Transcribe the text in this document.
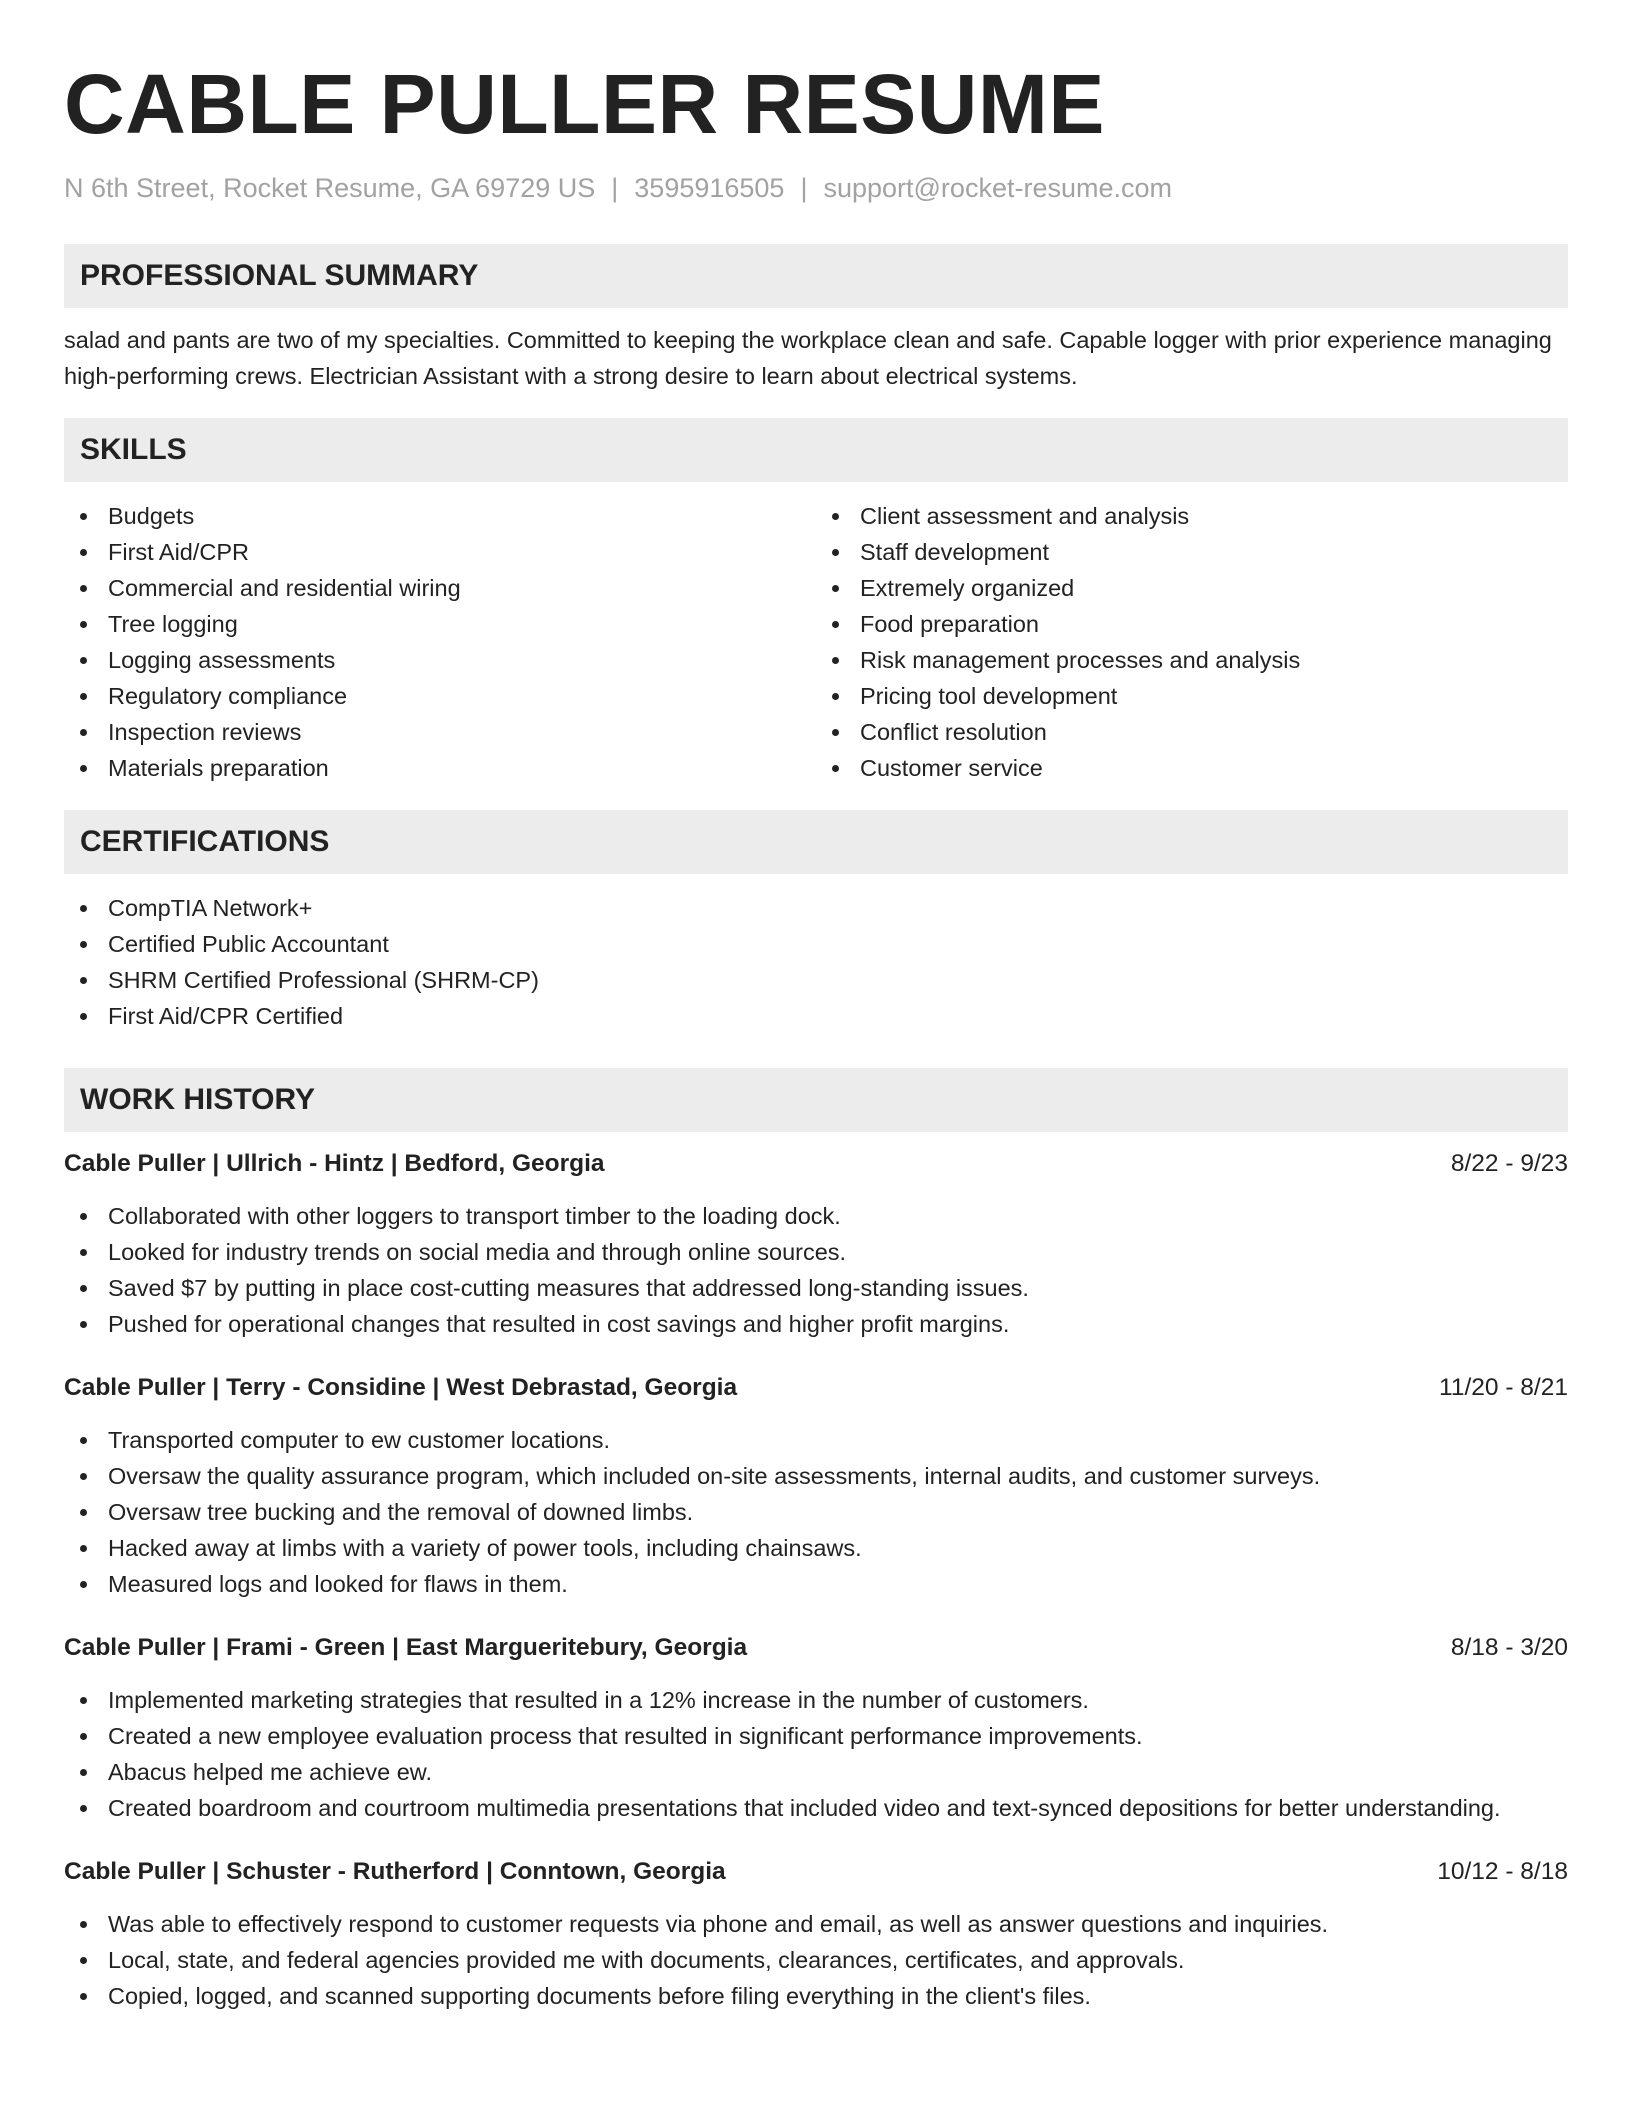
CABLE PULLER RESUME
N 6th Street, Rocket Resume, GA 69729 US | 3595916505 | support@rocket-resume.com
PROFESSIONAL SUMMARY

salad and pants are two of my specialties. Committed to keeping the workplace clean and safe. Capable logger with prior experience managing high-performing crews. Electrician Assistant with a strong desire to learn about electrical systems.

SKILLS
Budgets
First Aid/CPR
Commercial and residential wiring
Tree logging
Logging assessments
Regulatory compliance
Inspection reviews
Materials preparation
Client assessment and analysis
Staff development
Extremely organized
Food preparation
Risk management processes and analysis
Pricing tool development
Conflict resolution
Customer service
CERTIFICATIONS
CompTIA Network+
Certified Public Accountant
SHRM Certified Professional (SHRM-CP)
First Aid/CPR Certified
WORK HISTORY
Cable Puller | Ullrich - Hintz | Bedford, Georgia	8/22 - 9/23
Collaborated with other loggers to transport timber to the loading dock.
Looked for industry trends on social media and through online sources.
Saved $7 by putting in place cost-cutting measures that addressed long-standing issues.
Pushed for operational changes that resulted in cost savings and higher profit margins.
Cable Puller | Terry - Considine | West Debrastad, Georgia	11/20 - 8/21
Transported computer to ew customer locations.
Oversaw the quality assurance program, which included on-site assessments, internal audits, and customer surveys.
Oversaw tree bucking and the removal of downed limbs.
Hacked away at limbs with a variety of power tools, including chainsaws.
Measured logs and looked for flaws in them.
Cable Puller | Frami - Green | East Margueritebury, Georgia	8/18 - 3/20
Implemented marketing strategies that resulted in a 12% increase in the number of customers.
Created a new employee evaluation process that resulted in significant performance improvements.
Abacus helped me achieve ew.
Created boardroom and courtroom multimedia presentations that included video and text-synced depositions for better understanding.
Cable Puller | Schuster - Rutherford | Conntown, Georgia	10/12 - 8/18
Was able to effectively respond to customer requests via phone and email, as well as answer questions and inquiries.
Local, state, and federal agencies provided me with documents, clearances, certificates, and approvals.
Copied, logged, and scanned supporting documents before filing everything in the client's files.
